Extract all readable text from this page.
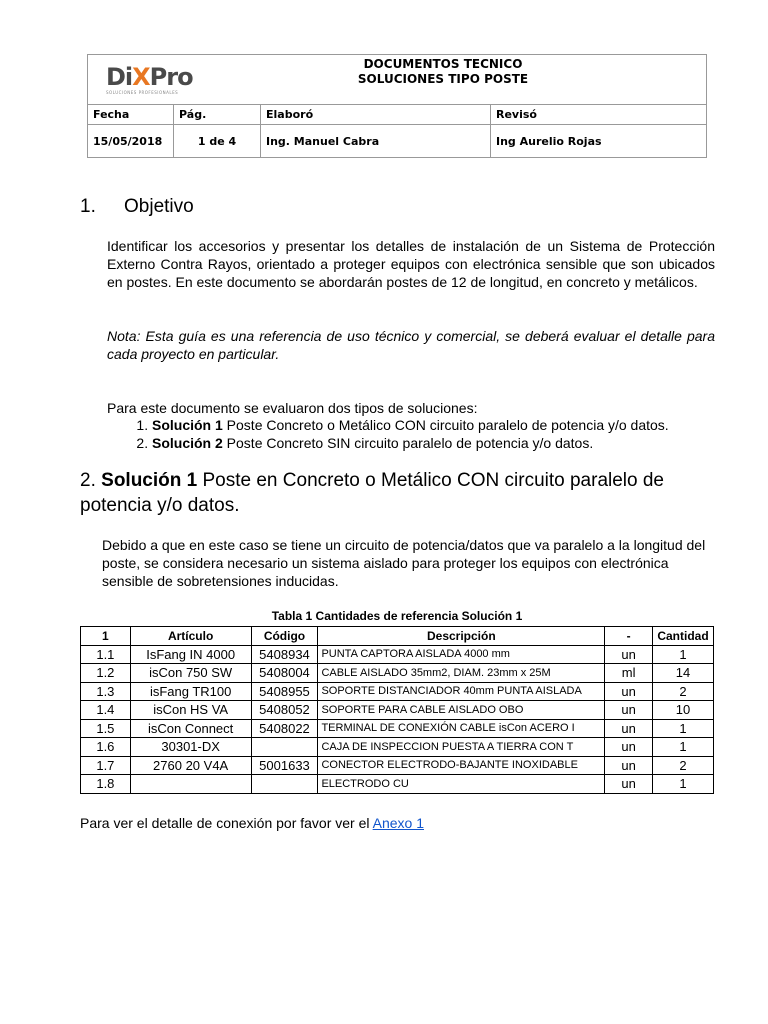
DiXPro
SOLUCIONES PROFESIONALES
DOCUMENTOS TECNICO
SOLUCIONES TIPO POSTE
Fecha	Pág.	Elaboró	Revisó
15/05/2018	1 de 4	Ing. Manuel Cabra	Ing Aurelio Rojas
1. Objetivo
Identificar los accesorios y presentar los detalles de instalación de un Sistema de Protección Externo Contra Rayos, orientado a proteger equipos con electrónica sensible que son ubicados en postes. En este documento se abordarán postes de 12 de longitud, en concreto y metálicos.
Nota: Esta guía es una referencia de uso técnico y comercial, se deberá evaluar el detalle para cada proyecto en particular.
Para este documento se evaluaron dos tipos de soluciones:
1. Solución 1 Poste Concreto o Metálico CON circuito paralelo de potencia y/o datos.
2. Solución 2 Poste Concreto SIN circuito paralelo de potencia y/o datos.
2. Solución 1 Poste en Concreto o Metálico CON circuito paralelo de potencia y/o datos.
Debido a que en este caso se tiene un circuito de potencia/datos que va paralelo a la longitud del poste, se considera necesario un sistema aislado para proteger los equipos con electrónica sensible de sobretensiones inducidas.
Tabla 1 Cantidades de referencia Solución 1
1	Artículo	Código	Descripción	-	Cantidad
1.1	IsFang IN 4000	5408934	PUNTA CAPTORA AISLADA 4000 mm	un	1
1.2	isCon 750 SW	5408004	CABLE AISLADO 35mm2, DIAM. 23mm x 25M	ml	14
1.3	isFang TR100	5408955	SOPORTE DISTANCIADOR 40mm PUNTA AISLADA	un	2
1.4	isCon HS VA	5408052	SOPORTE PARA CABLE AISLADO OBO	un	10
1.5	isCon Connect	5408022	TERMINAL DE CONEXIÓN CABLE isCon ACERO I	un	1
1.6	30301-DX		CAJA DE INSPECCION PUESTA A TIERRA CON T	un	1
1.7	2760 20 V4A	5001633	CONECTOR ELECTRODO-BAJANTE INOXIDABLE	un	2
1.8			ELECTRODO CU	un	1
Para ver el detalle de conexión por favor ver el Anexo 1
